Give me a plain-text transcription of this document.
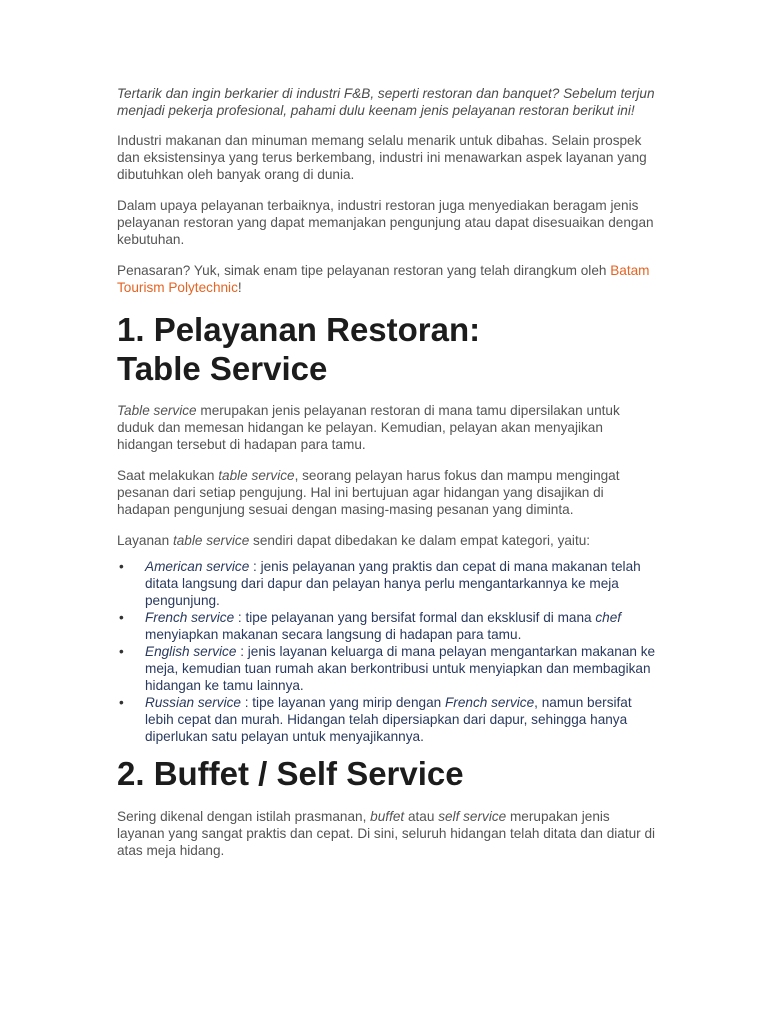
Tertarik dan ingin berkarier di industri F&B, seperti restoran dan banquet? Sebelum terjun menjadi pekerja profesional, pahami dulu keenam jenis pelayanan restoran berikut ini!

Industri makanan dan minuman memang selalu menarik untuk dibahas. Selain prospek dan eksistensinya yang terus berkembang, industri ini menawarkan aspek layanan yang dibutuhkan oleh banyak orang di dunia.

Dalam upaya pelayanan terbaiknya, industri restoran juga menyediakan beragam jenis pelayanan restoran yang dapat memanjakan pengunjung atau dapat disesuaikan dengan kebutuhan.

Penasaran? Yuk, simak enam tipe pelayanan restoran yang telah dirangkum oleh Batam Tourism Polytechnic!

1. Pelayanan Restoran:
Table Service

Table service merupakan jenis pelayanan restoran di mana tamu dipersilakan untuk duduk dan memesan hidangan ke pelayan. Kemudian, pelayan akan menyajikan hidangan tersebut di hadapan para tamu.

Saat melakukan table service, seorang pelayan harus fokus dan mampu mengingat pesanan dari setiap pengujung. Hal ini bertujuan agar hidangan yang disajikan di hadapan pengunjung sesuai dengan masing-masing pesanan yang diminta.

Layanan table service sendiri dapat dibedakan ke dalam empat kategori, yaitu:

• American service : jenis pelayanan yang praktis dan cepat di mana makanan telah ditata langsung dari dapur dan pelayan hanya perlu mengantarkannya ke meja pengunjung.
• French service : tipe pelayanan yang bersifat formal dan eksklusif di mana chef menyiapkan makanan secara langsung di hadapan para tamu.
• English service : jenis layanan keluarga di mana pelayan mengantarkan makanan ke meja, kemudian tuan rumah akan berkontribusi untuk menyiapkan dan membagikan hidangan ke tamu lainnya.
• Russian service : tipe layanan yang mirip dengan French service, namun bersifat lebih cepat dan murah. Hidangan telah dipersiapkan dari dapur, sehingga hanya diperlukan satu pelayan untuk menyajikannya.
2. Buffet / Self Service

Sering dikenal dengan istilah prasmanan, buffet atau self service merupakan jenis layanan yang sangat praktis dan cepat. Di sini, seluruh hidangan telah ditata dan diatur di atas meja hidang.
